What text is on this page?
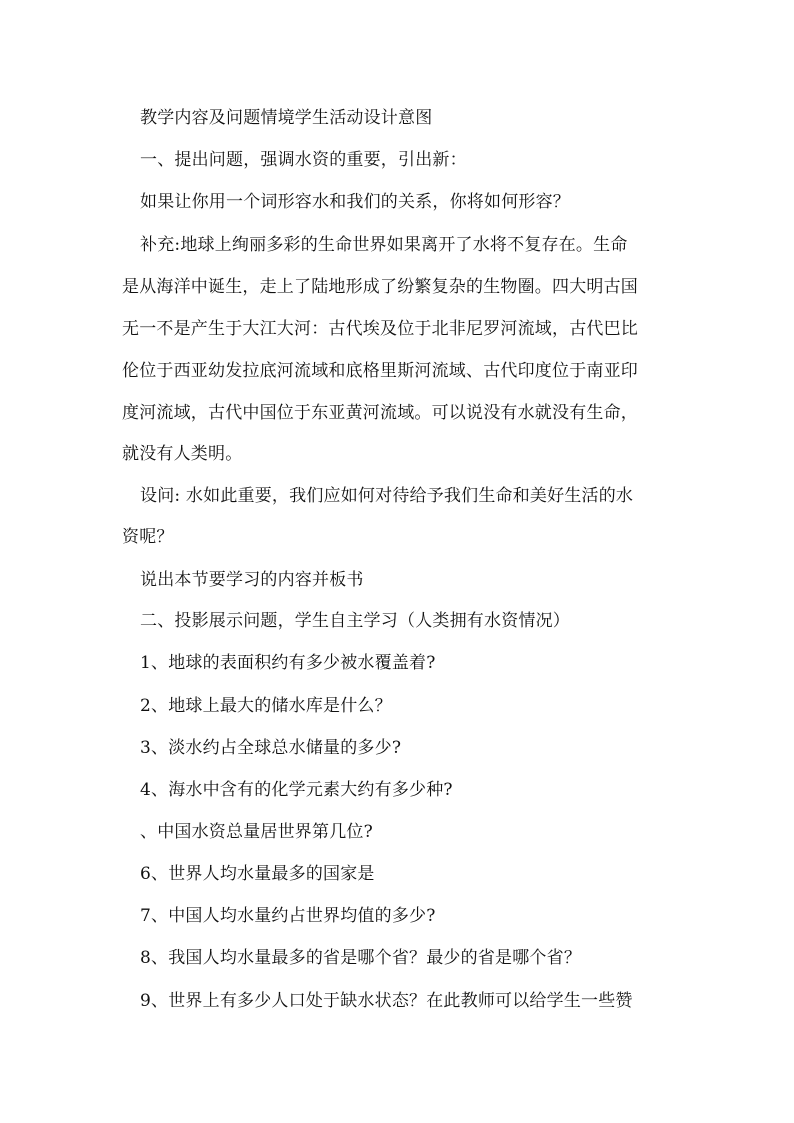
教学内容及问题情境学生活动设计意图
一、提出问题，强调水资的重要，引出新：
如果让你用一个词形容水和我们的关系，你将如何形容？
补充:地球上绚丽多彩的生命世界如果离开了水将不复存在。生命
是从海洋中诞生，走上了陆地形成了纷繁复杂的生物圈。四大明古国
无一不是产生于大江大河：古代埃及位于北非尼罗河流域，古代巴比
伦位于西亚幼发拉底河流域和底格里斯河流域、古代印度位于南亚印
度河流域，古代中国位于东亚黄河流域。可以说没有水就没有生命，
就没有人类明。
设问: 水如此重要，我们应如何对待给予我们生命和美好生活的水
资呢？
说出本节要学习的内容并板书
二、投影展示问题，学生自主学习（人类拥有水资情况）
1、地球的表面积约有多少被水覆盖着?
2、地球上最大的储水库是什么？
3、淡水约占全球总水储量的多少?
4、海水中含有的化学元素大约有多少种?
、中国水资总量居世界第几位?
6、世界人均水量最多的国家是
7、中国人均水量约占世界均值的多少?
8、我国人均水量最多的省是哪个省？最少的省是哪个省？
9、世界上有多少人口处于缺水状态？在此教师可以给学生一些赞
